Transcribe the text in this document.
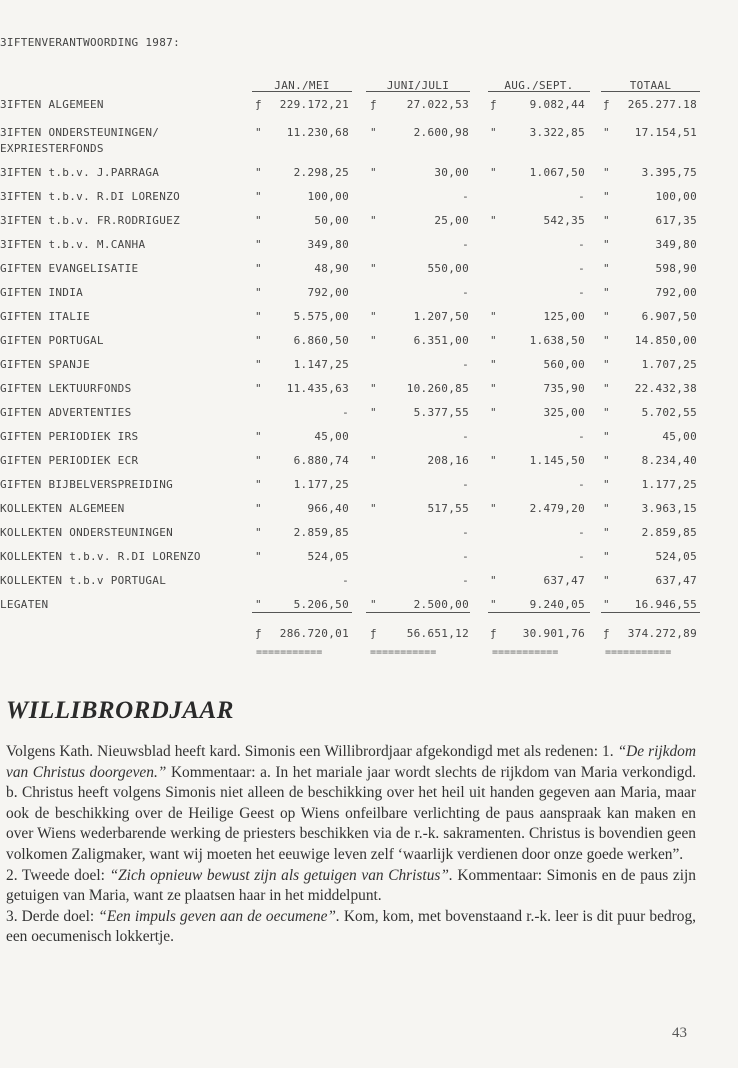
3IFTENVERANTWOORDING 1987:
JAN./MEI	JUNI/JULI	AUG./SEPT.	TOTAAL
3IFTEN ALGEMEEN	ƒ	229.172,21 ƒ	27.022,53 ƒ	9.082,44 ƒ	265.277.18
3IFTEN ONDERSTEUNINGEN/
EXPRIESTERFONDS
"	11.230,68 "	2.600,98 "	3.322,85 "	17.154,51
3IFTEN t.b.v. J.PARRAGA	"	2.298,25 "	30,00 "	1.067,50 "	3.395,75
3IFTEN t.b.v. R.DI LORENZO	"	100,00	-	- "	100,00
3IFTEN t.b.v. FR.RODRIGUEZ	"	50,00 "	25,00 "	542,35 "	617,35
3IFTEN t.b.v. M.CANHA	"	349,80	-	- "	349,80
GIFTEN EVANGELISATIE	"	48,90 "	550,00	- "	598,90
GIFTEN INDIA	"	792,00	-	- "	792,00
GIFTEN ITALIE	"	5.575,00 "	1.207,50 "	125,00 "	6.907,50
GIFTEN PORTUGAL	"	6.860,50 "	6.351,00 "	1.638,50 "	14.850,00
GIFTEN SPANJE	"	1.147,25	- "	560,00 "	1.707,25
GIFTEN LEKTUURFONDS	"	11.435,63 "	10.260,85 "	735,90 "	22.432,38
GIFTEN ADVERTENTIES	- "	5.377,55 "	325,00 "	5.702,55
GIFTEN PERIODIEK IRS	"	45,00	-	- "	45,00
GIFTEN PERIODIEK ECR	"	6.880,74 "	208,16 "	1.145,50 "	8.234,40
GIFTEN BIJBELVERSPREIDING	"	1.177,25	-	- "	1.177,25
KOLLEKTEN ALGEMEEN	"	966,40 "	517,55 "	2.479,20 "	3.963,15
KOLLEKTEN ONDERSTEUNINGEN	"	2.859,85	-	- "	2.859,85
KOLLEKTEN t.b.v. R.DI LORENZO	"	524,05	-	- "	524,05
KOLLEKTEN t.b.v PORTUGAL	-	- "	637,47 "	637,47
LEGATEN	"	5.206,50 "	2.500,00 "	9.240,05 "	16.946,55
ƒ	286.720,01 ƒ	56.651,12 ƒ	30.901,76 ƒ	374.272,89
===========	===========	===========	===========
WILLIBRORDJAAR

Volgens Kath. Nieuwsblad heeft kard. Simonis een Willibrordjaar afgekondigd met als redenen: 1. “De rijkdom van Christus doorgeven.” Kommentaar: a. In het mariale jaar wordt slechts de rijkdom van Maria verkondigd. b. Christus heeft volgens Simonis niet alleen de beschikking over het heil uit handen gegeven aan Maria, maar ook de beschikking over de Heilige Geest op Wiens onfeilbare verlichting de paus aanspraak kan maken en over Wiens wederbarende werking de priesters beschikken via de r.-k. sakramenten. Christus is bovendien geen volkomen Zaligmaker, want wij moeten het eeuwige leven zelf ‘waarlijk verdienen door onze goede werken”.

2. Tweede doel: “Zich opnieuw bewust zijn als getuigen van Christus”. Kommentaar: Simonis en de paus zijn getuigen van Maria, want ze plaatsen haar in het middelpunt.

3. Derde doel: “Een impuls geven aan de oecumene”. Kom, kom, met bovenstaand r.-k. leer is dit puur bedrog, een oecumenisch lokkertje.

43
